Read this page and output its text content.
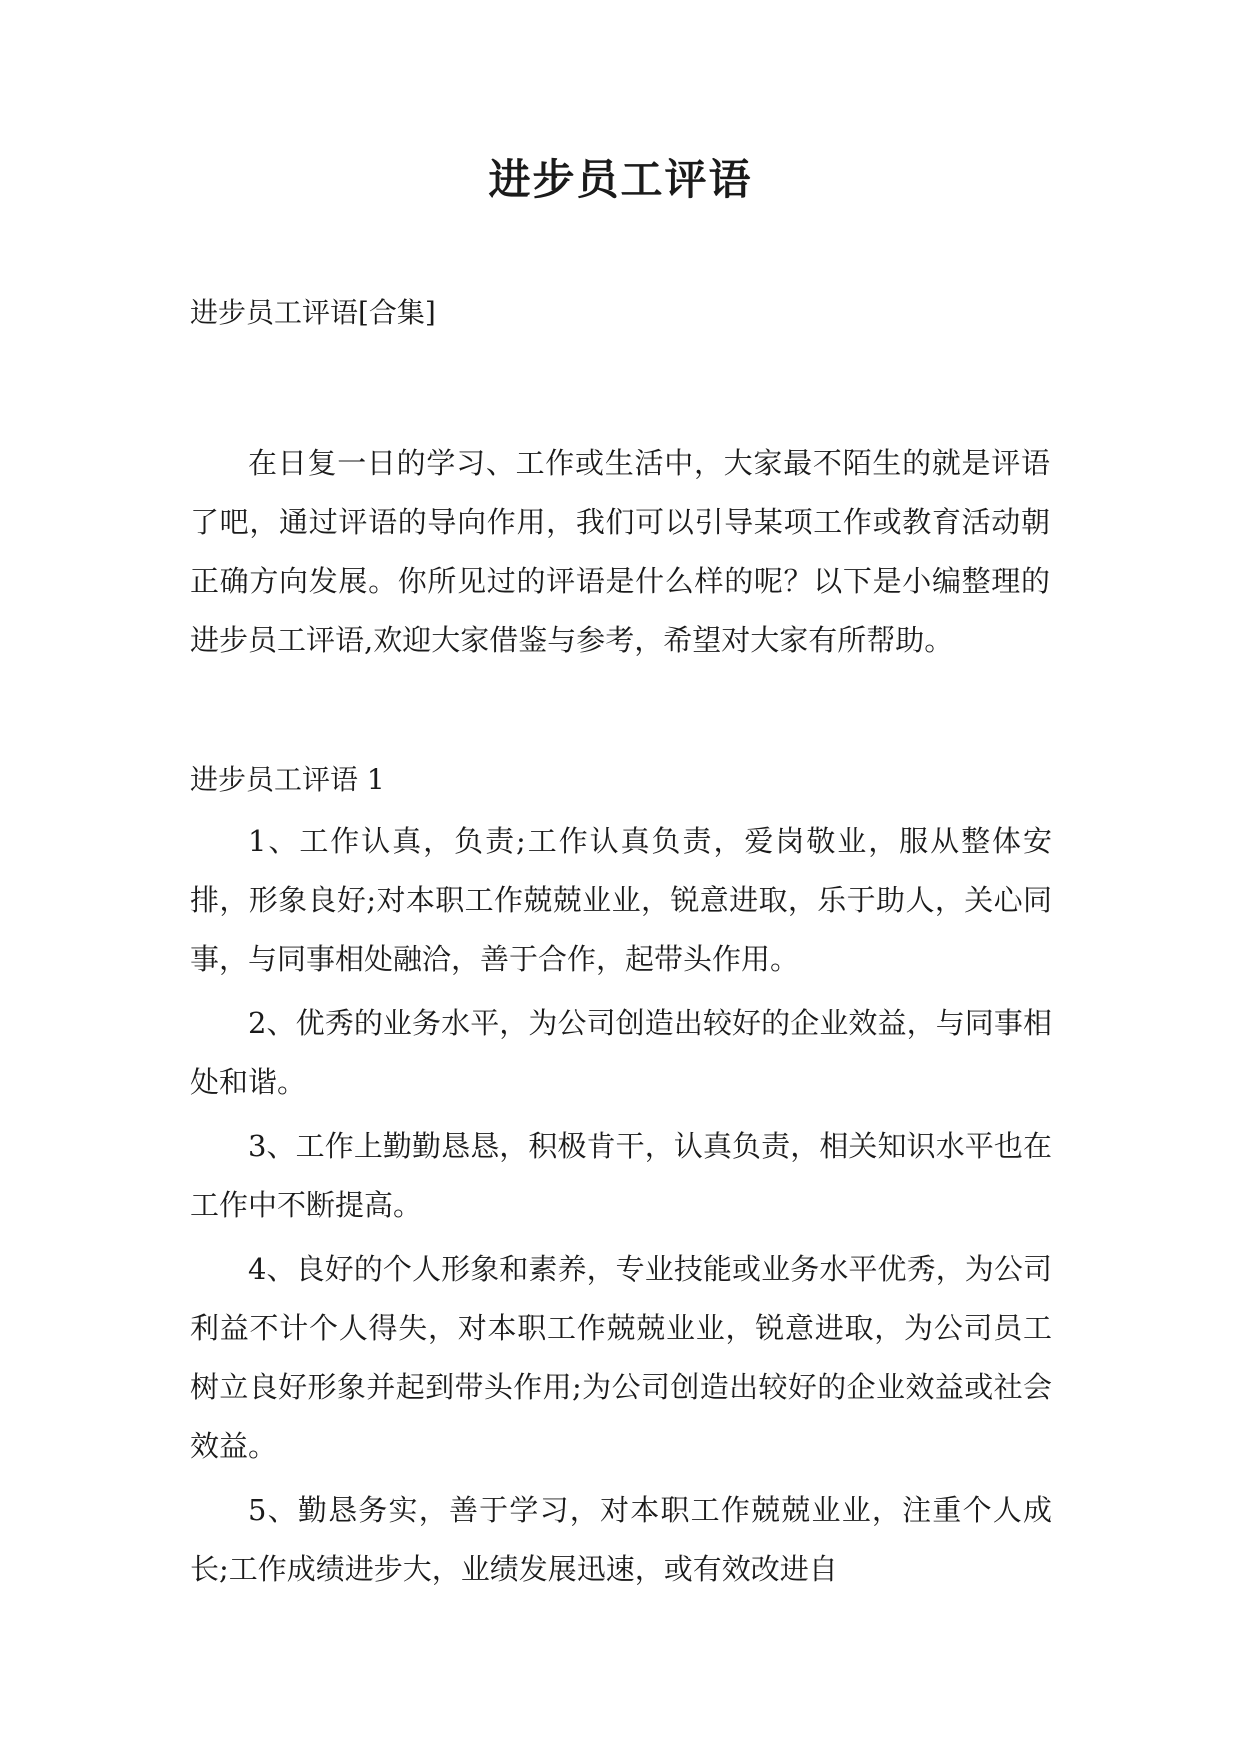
进步员工评语
进步员工评语[合集]

在日复一日的学习、工作或生活中，大家最不陌生的就是评语了吧，通过评语的导向作用，我们可以引导某项工作或教育活动朝正确方向发展。你所见过的评语是什么样的呢？以下是小编整理的进步员工评语,欢迎大家借鉴与参考，希望对大家有所帮助。

进步员工评语 1

1、工作认真，负责;工作认真负责，爱岗敬业，服从整体安排，形象良好;对本职工作兢兢业业，锐意进取，乐于助人，关心同事，与同事相处融洽，善于合作，起带头作用。

2、优秀的业务水平，为公司创造出较好的企业效益，与同事相处和谐。

3、工作上勤勤恳恳，积极肯干，认真负责，相关知识水平也在工作中不断提高。

4、良好的个人形象和素养，专业技能或业务水平优秀，为公司利益不计个人得失，对本职工作兢兢业业，锐意进取，为公司员工树立良好形象并起到带头作用;为公司创造出较好的企业效益或社会效益。

5、勤恳务实，善于学习，对本职工作兢兢业业，注重个人成长;工作成绩进步大，业绩发展迅速，或有效改进自
